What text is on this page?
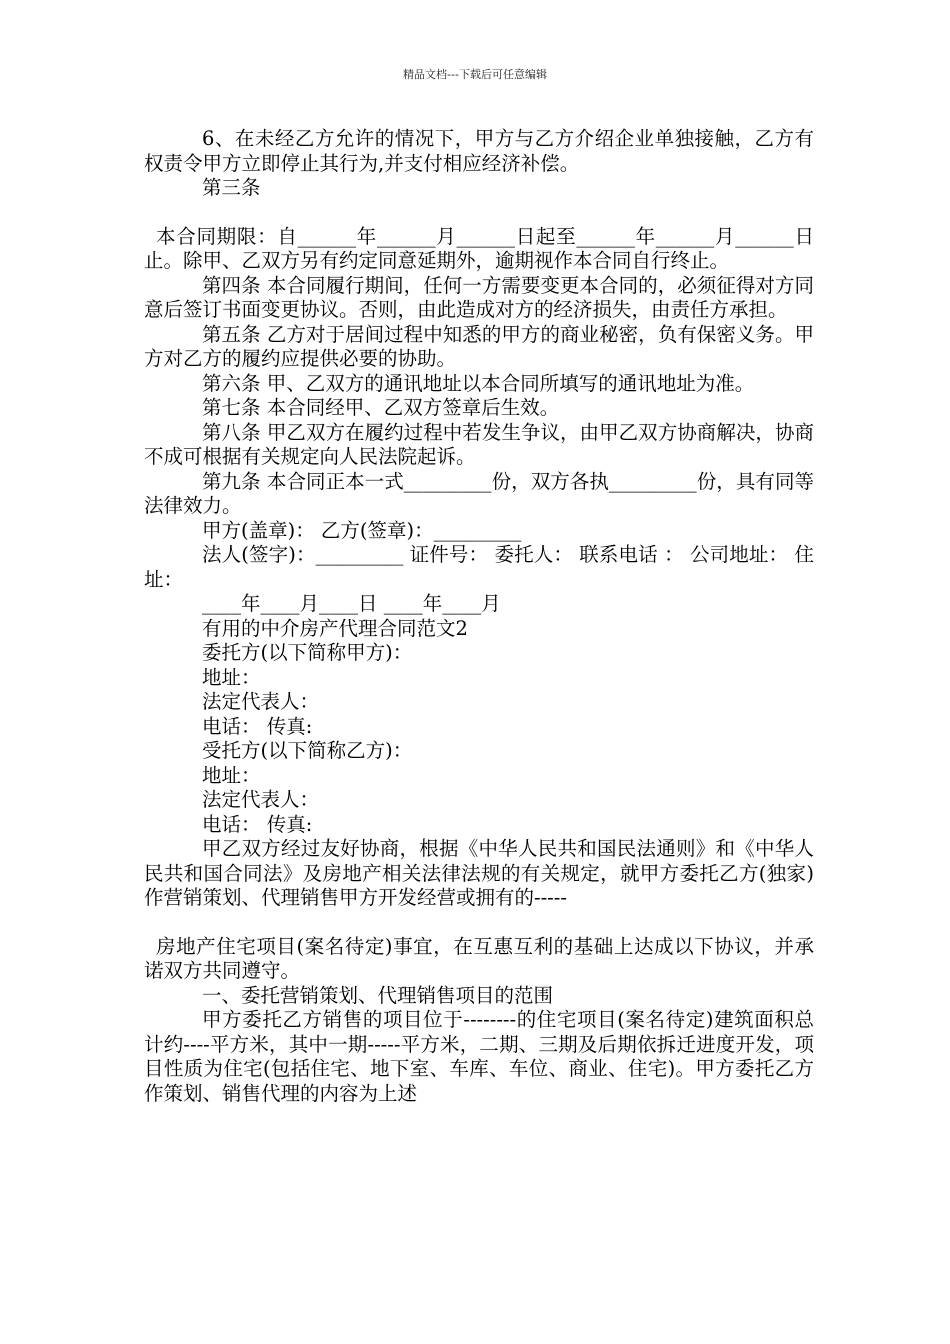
精品文档---下载后可任意编辑

6、在未经乙方允许的情况下，甲方与乙方介绍企业单独接触，乙方有权责令甲方立即停止其行为,并支付相应经济补偿。

第三条

本合同期限：自______年______月______日起至______年______月______日止。除甲、乙双方另有约定同意延期外，逾期视作本合同自行终止。

第四条 本合同履行期间，任何一方需要变更本合同的，必须征得对方同意后签订书面变更协议。否则，由此造成对方的经济损失，由责任方承担。

第五条 乙方对于居间过程中知悉的甲方的商业秘密，负有保密义务。甲方对乙方的履约应提供必要的协助。

第六条 甲、乙双方的通讯地址以本合同所填写的通讯地址为准。

第七条 本合同经甲、乙双方签章后生效。

第八条 甲乙双方在履约过程中若发生争议，由甲乙双方协商解决，协商不成可根据有关规定向人民法院起诉。

第九条 本合同正本一式_________份，双方各执_________份，具有同等法律效力。

甲方(盖章)： 乙方(签章)：_________

法人(签字)：_________ 证件号： 委托人： 联系电话 ： 公司地址： 住址：

____年____月____日 ____年____月

有用的中介房产代理合同范文2

委托方(以下简称甲方)：

地址：

法定代表人：

电话： 传真:

受托方(以下简称乙方)：

地址：

法定代表人：

电话： 传真:

甲乙双方经过友好协商，根据《中华人民共和国民法通则》和《中华人民共和国合同法》及房地产相关法律法规的有关规定，就甲方委托乙方(独家)作营销策划、代理销售甲方开发经营或拥有的-----

房地产住宅项目(案名待定)事宜，在互惠互利的基础上达成以下协议，并承诺双方共同遵守。

一、委托营销策划、代理销售项目的范围

甲方委托乙方销售的项目位于--------的住宅项目(案名待定)建筑面积总计约----平方米，其中一期-----平方米，二期、三期及后期依拆迁进度开发，项目性质为住宅(包括住宅、地下室、车库、车位、商业、住宅)。甲方委托乙方作策划、销售代理的内容为上述
